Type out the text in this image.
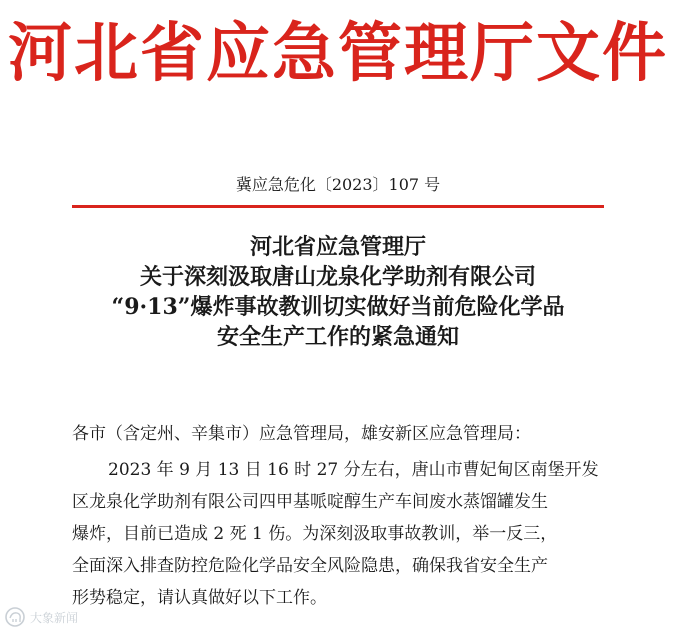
河北省应急管理厅文件
冀应急危化〔2023〕107 号
河北省应急管理厅
关于深刻汲取唐山龙泉化学助剂有限公司
“9·13”爆炸事故教训切实做好当前危险化学品
安全生产工作的紧急通知
各市（含定州、辛集市）应急管理局，雄安新区应急管理局：
2023 年 9 月 13 日 16 时 27 分左右，唐山市曹妃甸区南堡开发
区龙泉化学助剂有限公司四甲基哌啶醇生产车间废水蒸馏罐发生
爆炸，目前已造成 2 死 1 伤。为深刻汲取事故教训，举一反三，
全面深入排查防控危险化学品安全风险隐患，确保我省安全生产
形势稳定，请认真做好以下工作。
大象新闻
